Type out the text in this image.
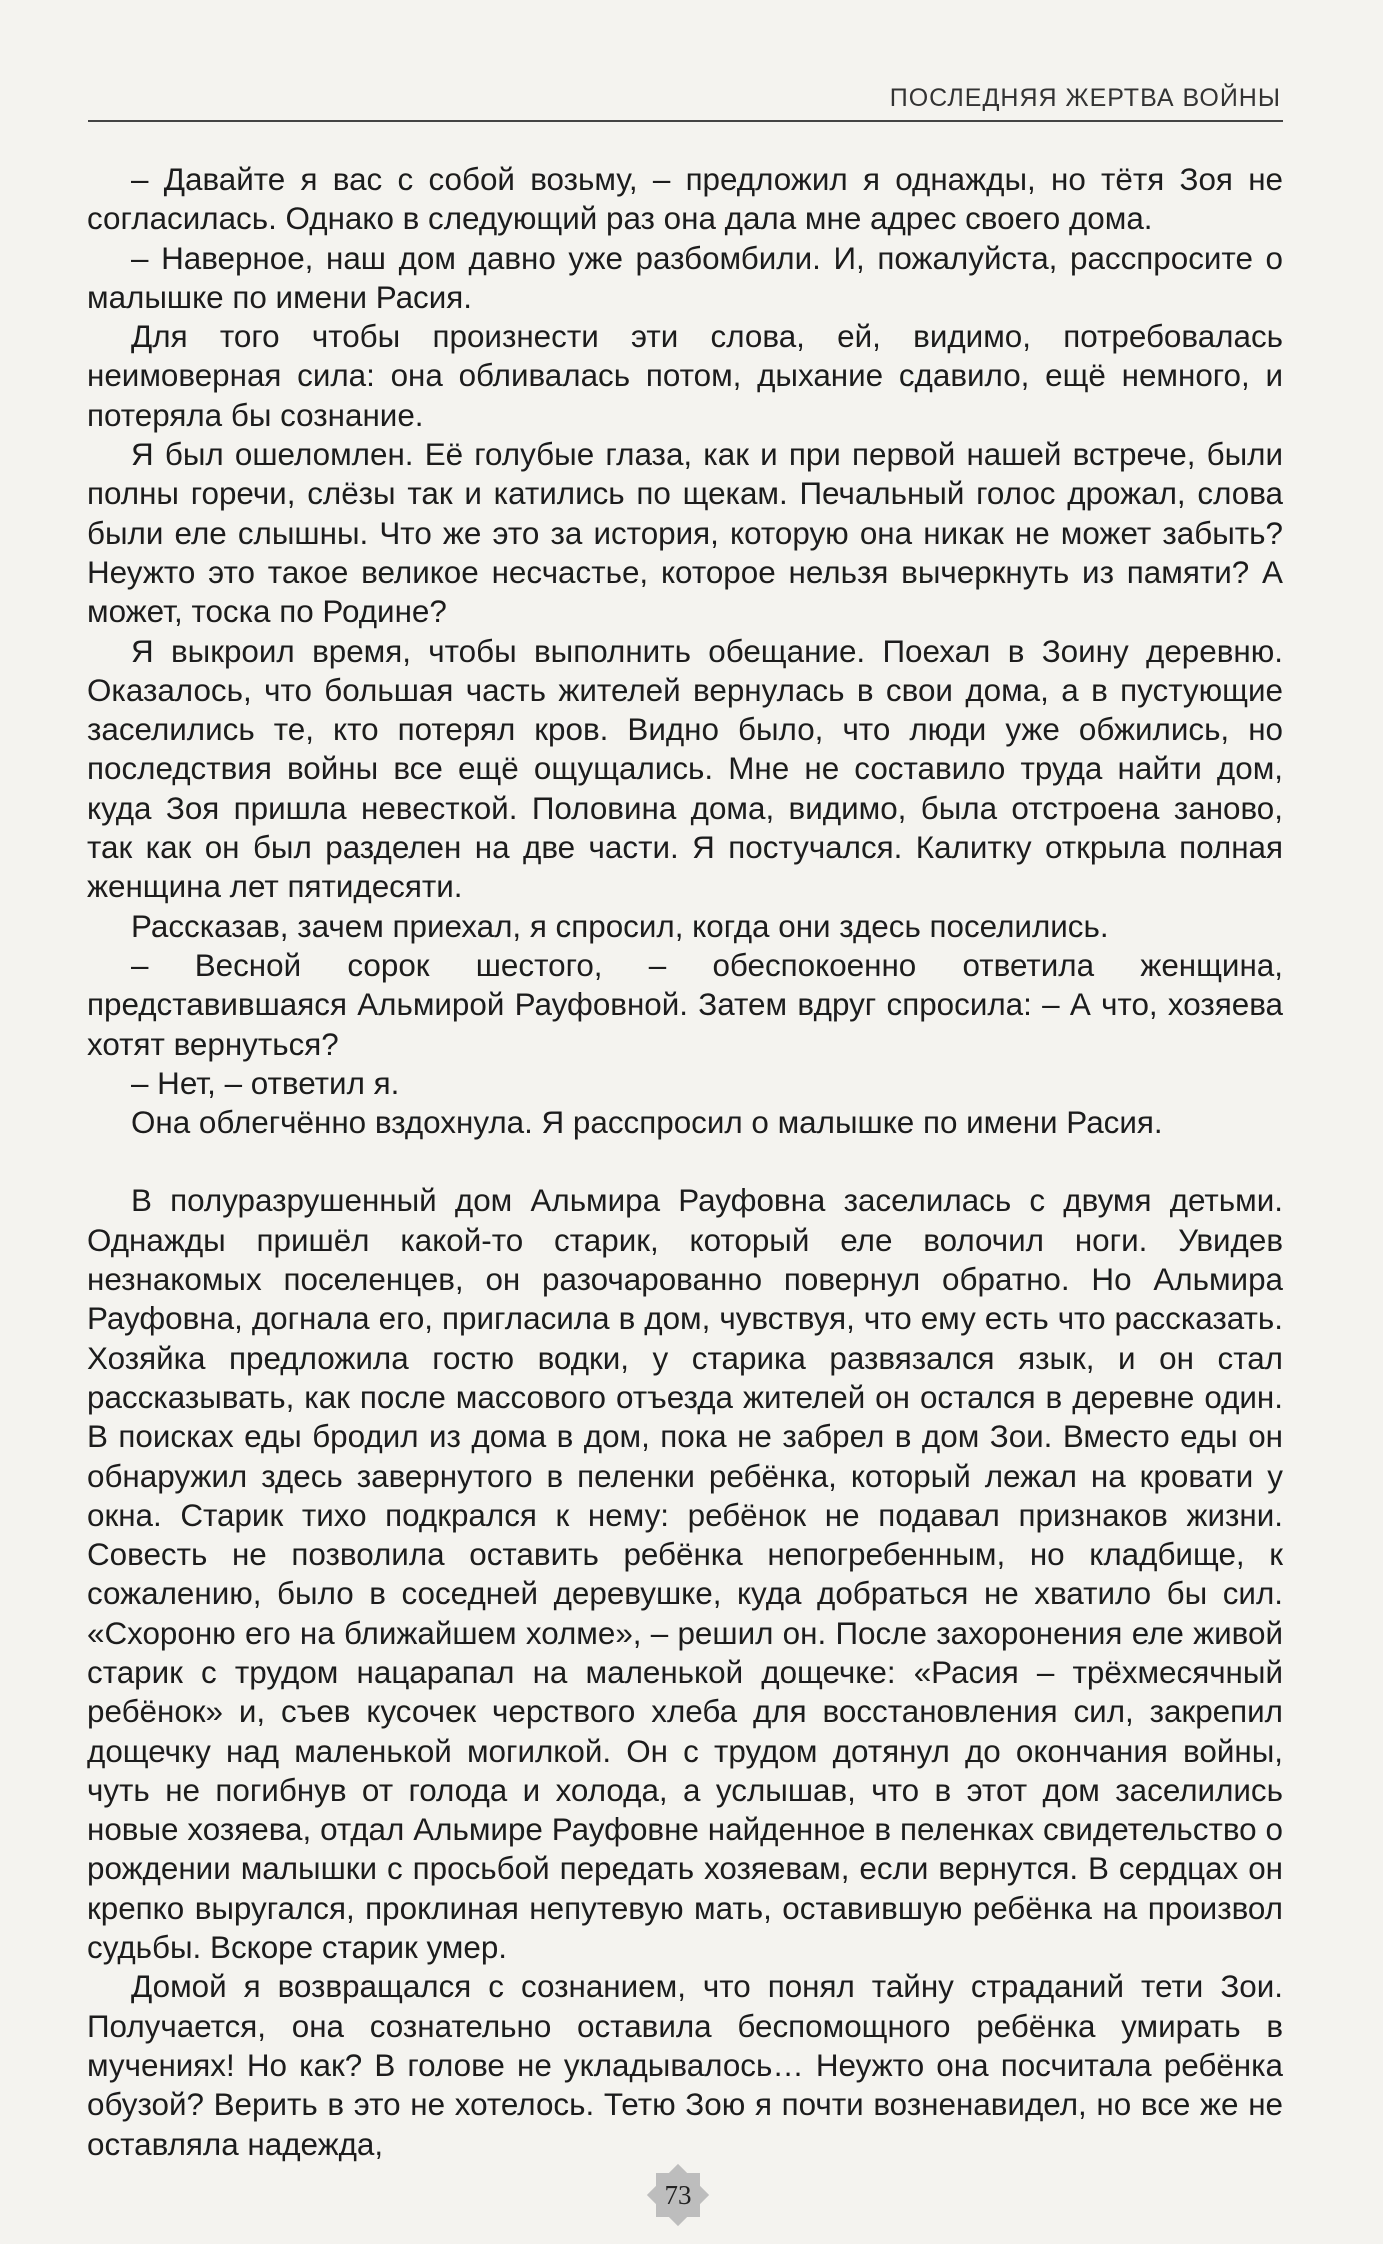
ПОСЛЕДНЯЯ ЖЕРТВА ВОЙНЫ

– Давайте я вас с собой возьму, – предложил я однажды, но тётя Зоя не согласилась. Однако в следующий раз она дала мне адрес своего дома.

– Наверное, наш дом давно уже разбомбили. И, пожалуйста, расспросите о малышке по имени Расия.

Для того чтобы произнести эти слова, ей, видимо, потребовалась неимоверная сила: она обливалась потом, дыхание сдавило, ещё немного, и потеряла бы сознание.

Я был ошеломлен. Её голубые глаза, как и при первой нашей встрече, были полны горечи, слёзы так и катились по щекам. Печальный голос дрожал, слова были еле слышны. Что же это за история, которую она никак не может забыть? Неужто это такое великое несчастье, которое нельзя вычеркнуть из памяти? А может, тоска по Родине?

Я выкроил время, чтобы выполнить обещание. Поехал в Зоину деревню. Оказалось, что большая часть жителей вернулась в свои дома, а в пустующие заселились те, кто потерял кров. Видно было, что люди уже обжились, но последствия войны все ещё ощущались. Мне не составило труда найти дом, куда Зоя пришла невесткой. Половина дома, видимо, была отстроена заново, так как он был разделен на две части. Я постучался. Калитку открыла полная женщина лет пятидесяти.

Рассказав, зачем приехал, я спросил, когда они здесь поселились.

– Весной сорок шестого, – обеспокоенно ответила женщина, представившаяся Альмирой Рауфовной. Затем вдруг спросила: – А что, хозяева хотят вернуться?

– Нет, – ответил я.

Она облегчённо вздохнула. Я расспросил о малышке по имени Расия.

В полуразрушенный дом Альмира Рауфовна заселилась с двумя детьми. Однажды пришёл какой-то старик, который еле волочил ноги. Увидев незнакомых поселенцев, он разочарованно повернул обратно. Но Альмира Рауфовна, догнала его, пригласила в дом, чувствуя, что ему есть что рассказать. Хозяйка предложила гостю водки, у старика развязался язык, и он стал рассказывать, как после массового отъезда жителей он остался в деревне один. В поисках еды бродил из дома в дом, пока не забрел в дом Зои. Вместо еды он обнаружил здесь завернутого в пеленки ребёнка, который лежал на кровати у окна. Старик тихо подкрался к нему: ребёнок не подавал признаков жизни. Совесть не позволила оставить ребёнка непогребенным, но кладбище, к сожалению, было в соседней деревушке, куда добраться не хватило бы сил. «Схороню его на ближайшем холме», – решил он. После захоронения еле живой старик с трудом нацарапал на маленькой дощечке: «Расия – трёхмесячный ребёнок» и, съев кусочек черствого хлеба для восстановления сил, закрепил дощечку над маленькой могилкой. Он с трудом дотянул до окончания войны, чуть не погибнув от голода и холода, а услышав, что в этот дом заселились новые хозяева, отдал Альмире Рауфовне найденное в пеленках свидетельство о рождении малышки с просьбой передать хозяевам, если вернутся. В сердцах он крепко выругался, проклиная непутевую мать, оставившую ребёнка на произвол судьбы. Вскоре старик умер.

Домой я возвращался с сознанием, что понял тайну страданий тети Зои. Получается, она сознательно оставила беспомощного ребёнка умирать в мучениях! Но как? В голове не укладывалось… Неужто она посчитала ребёнка обузой? Верить в это не хотелось. Тетю Зою я почти возненавидел, но все же не оставляла надежда,

73
